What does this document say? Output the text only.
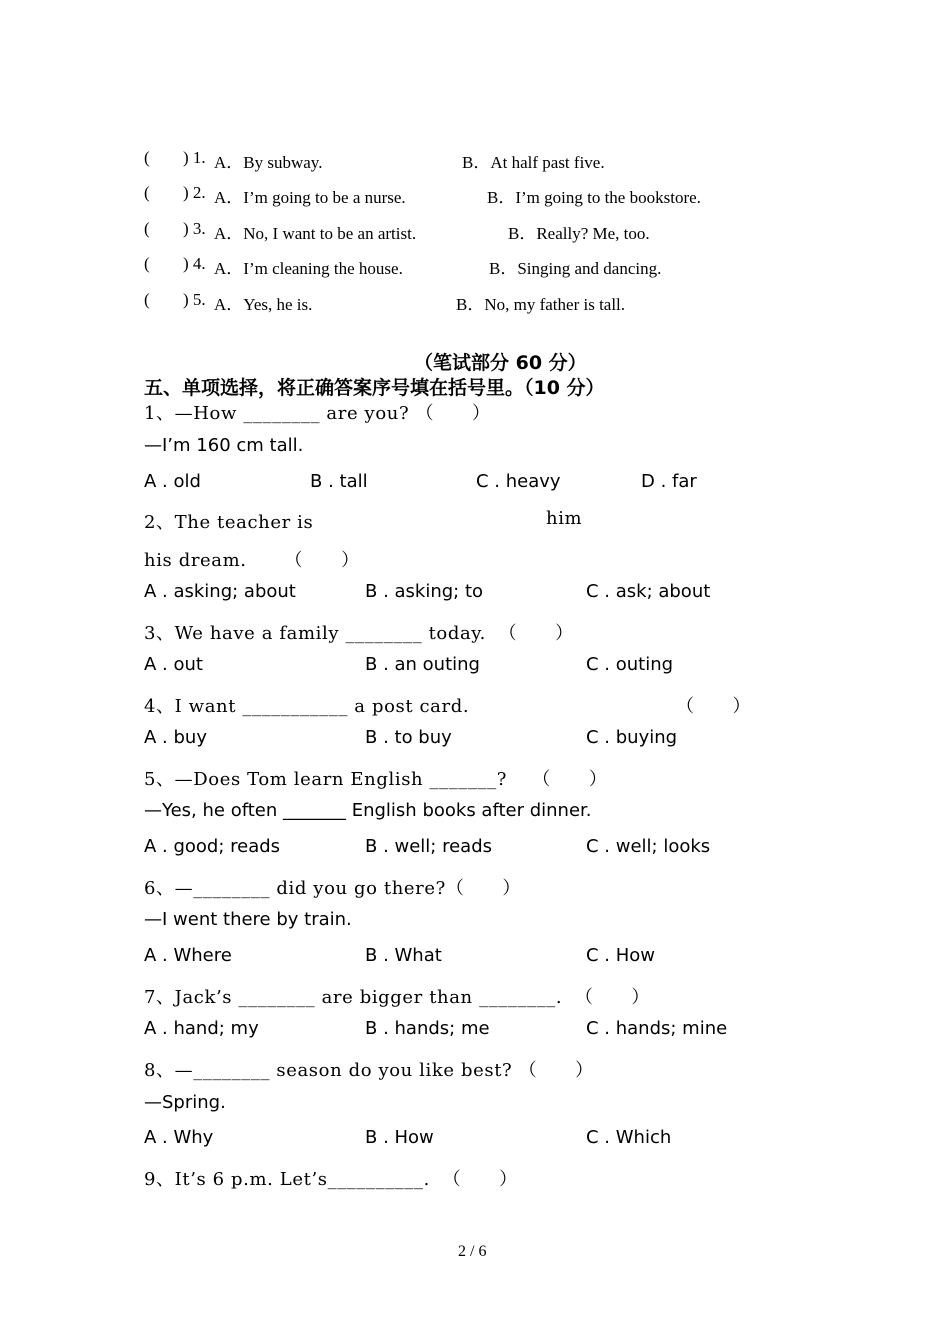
( ) 1. A．By subway.	B．At half past five.
( ) 2. A．I’m going to be a nurse.	B．I’m going to the bookstore.
( ) 3. A．No, I want to be an artist.	B．Really? Me, too.
( ) 4. A．I’m cleaning the house.	B．Singing and dancing.
( ) 5. A．Yes, he is.	B．No, my father is tall.
（笔试部分 60 分）
五、单项选择，将正确答案序号填在括号里。（10 分）
1、—How ________ are you? （      ）
—I’m 160 cm tall.
A . old	B . tall	C . heavy	D . far
2、The teacher is	him
his dream.      （      ）
A . asking; about	B . asking; to	C . ask; about
3、We have a family ________ today.  （      ）
A . out	B . an outing	C . outing
4、I want ___________ a post card.	（      ）
A . buy	B . to buy	C . buying
5、—Does Tom learn English _______?    （      ）
—Yes, he often _______ English books after dinner.
A . good; reads	B . well; reads	C . well; looks
6、—________ did you go there?（      ）
—I went there by train.
A . Where	B . What	C . How
7、Jack’s ________ are bigger than ________.  （      ）
A . hand; my	B . hands; me	C . hands; mine
8、—________ season do you like best? （      ）
—Spring.
A . Why	B . How	C . Which
9、It’s 6 p.m. Let’s__________.  （      ）
2 / 6
